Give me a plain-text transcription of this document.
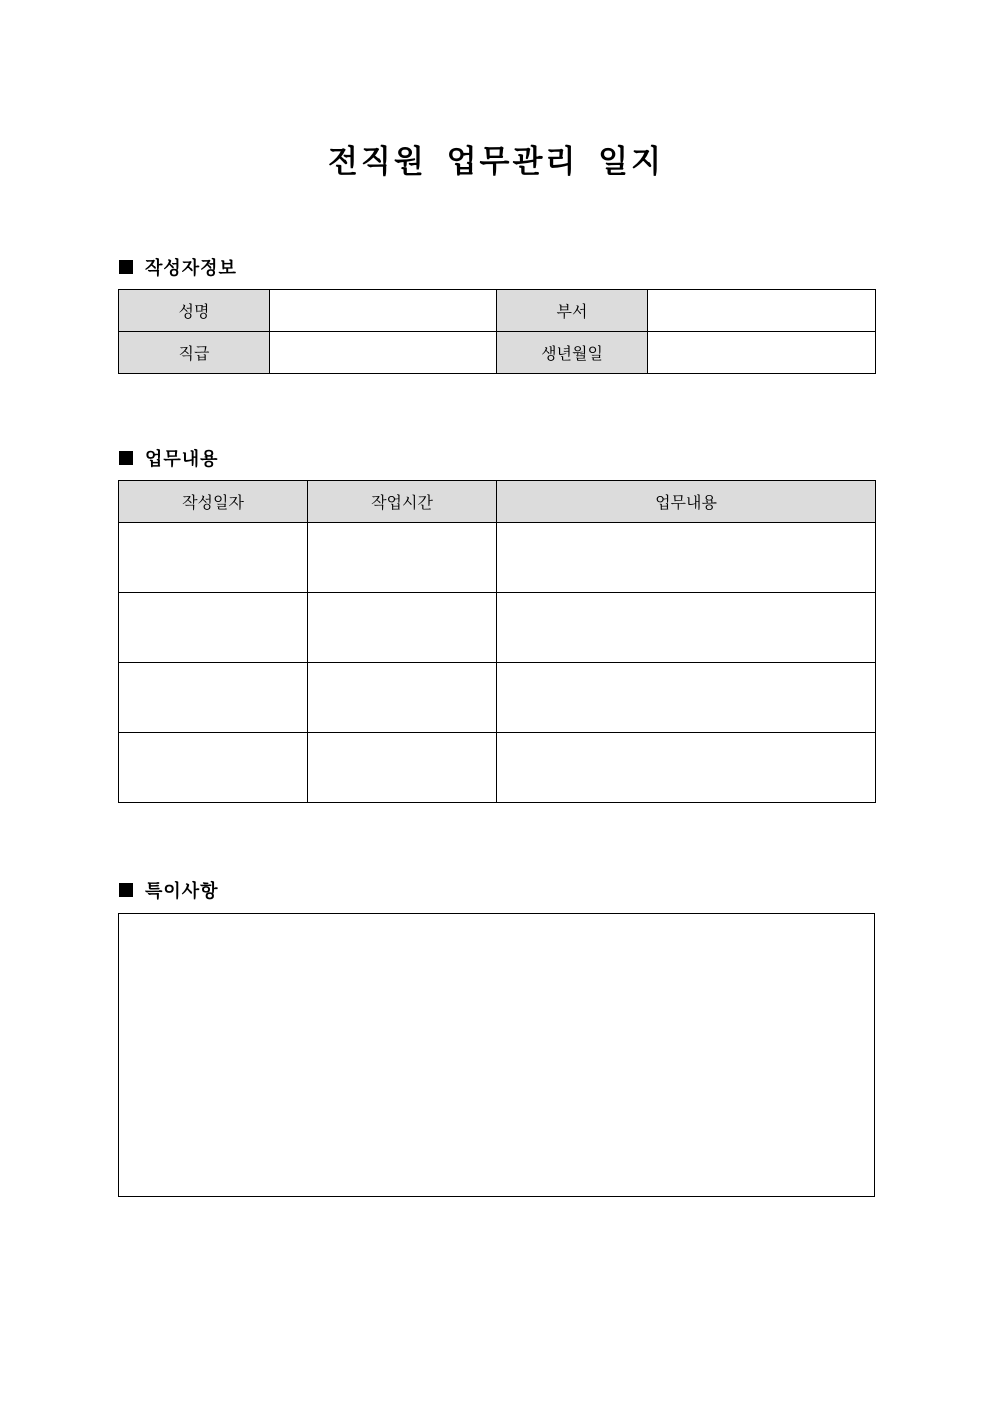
전직원 업무관리 일지
작성자정보
성명		부서	
직급		생년월일	
업무내용
작성일자	작업시간	업무내용

특이사항
